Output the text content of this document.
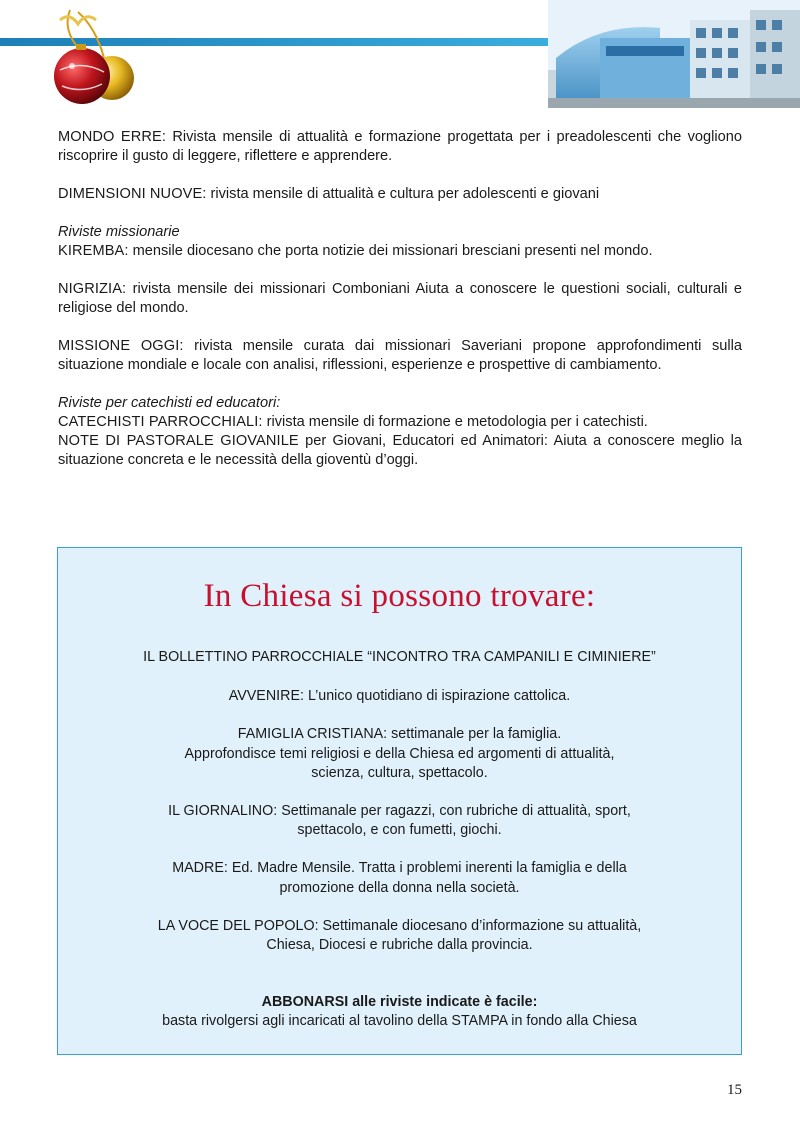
MONDO ERRE: Rivista mensile di attualità e formazione progettata per i preadolescenti che vogliono riscoprire il gusto di leggere, riflettere e apprendere.

DIMENSIONI NUOVE: rivista mensile di attualità e cultura per adolescenti e giovani

Riviste missionarie

KIREMBA: mensile diocesano che porta notizie dei missionari bresciani presenti nel mondo.

NIGRIZIA: rivista mensile dei missionari Comboniani Aiuta a conoscere le questioni sociali, culturali e religiose del mondo.

MISSIONE OGGI: rivista mensile curata dai missionari Saveriani propone approfondimenti sulla situazione mondiale e locale con analisi, riflessioni, esperienze e prospettive di cambiamento.

Riviste per catechisti ed educatori:

CATECHISTI PARROCCHIALI: rivista mensile di formazione e metodologia per i catechisti.

NOTE DI PASTORALE GIOVANILE per Giovani, Educatori ed Animatori: Aiuta a conoscere meglio la situazione concreta e le necessità della gioventù d’oggi.

In Chiesa si possono trovare:

IL BOLLETTINO PARROCCHIALE “INCONTRO TRA CAMPANILI E CIMINIERE”

AVVENIRE: L’unico quotidiano di ispirazione cattolica.

FAMIGLIA CRISTIANA: settimanale per la famiglia.
Approfondisce temi religiosi e della Chiesa ed argomenti di attualità,
scienza, cultura, spettacolo.

IL GIORNALINO: Settimanale per ragazzi, con rubriche di attualità, sport,
spettacolo, e con fumetti, giochi.

MADRE: Ed. Madre Mensile. Tratta i problemi inerenti la famiglia e della
promozione della donna nella società.

LA VOCE DEL POPOLO: Settimanale diocesano d’informazione su attualità,
Chiesa, Diocesi e rubriche dalla provincia.

ABBONARSI alle riviste indicate è facile:
basta rivolgersi agli incaricati al tavolino della STAMPA in fondo alla Chiesa

15
